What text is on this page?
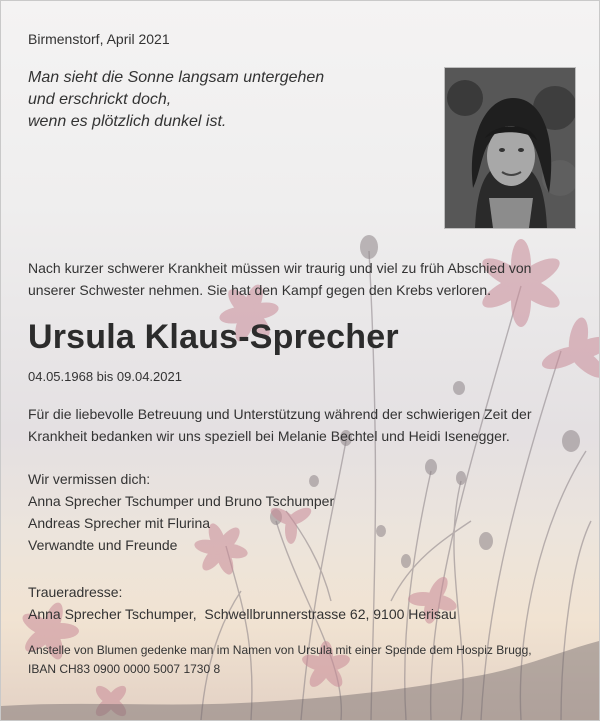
Birmenstorf, April 2021
Man sieht die Sonne langsam untergehen
und erschrickt doch,
wenn es plötzlich dunkel ist.
Nach kurzer schwerer Krankheit müssen wir traurig und viel zu früh Abschied von
unserer Schwester nehmen. Sie hat den Kampf gegen den Krebs verloren.
Ursula Klaus-Sprecher
04.05.1968 bis 09.04.2021
Für die liebevolle Betreuung und Unterstützung während der schwierigen Zeit der
Krankheit bedanken wir uns speziell bei Melanie Bechtel und Heidi Isenegger.
Wir vermissen dich:
Anna Sprecher Tschumper und Bruno Tschumper
Andreas Sprecher mit Flurina
Verwandte und Freunde
Traueradresse:
Anna Sprecher Tschumper,  Schwellbrunnerstrasse 62, 9100 Herisau
Anstelle von Blumen gedenke man im Namen von Ursula mit einer Spende dem Hospiz Brugg,
IBAN CH83 0900 0000 5007 1730 8
